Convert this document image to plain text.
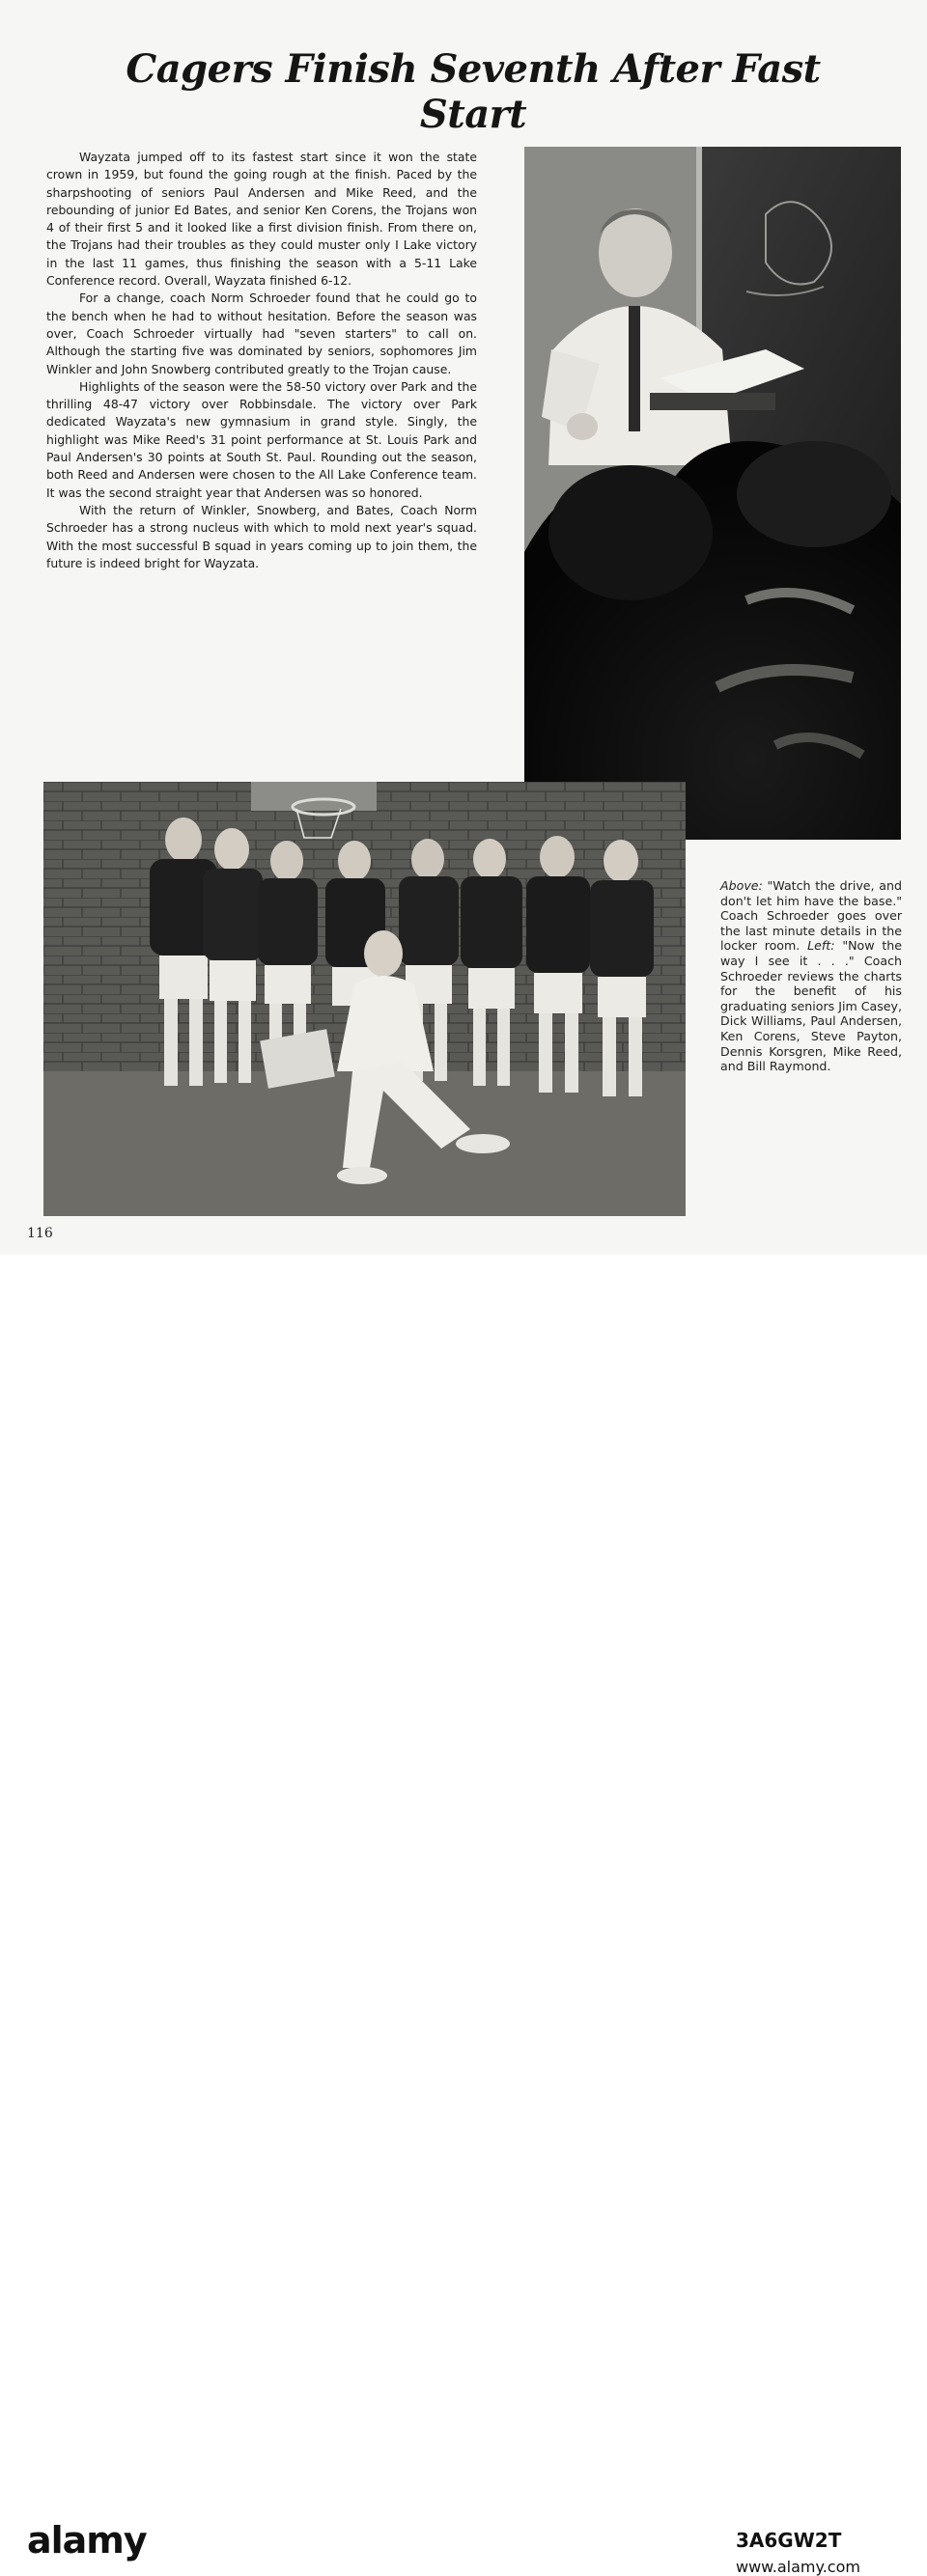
Cagers Finish Seventh After Fast Start

Wayzata jumped off to its fastest start since it won the state crown in 1959, but found the going rough at the finish. Paced by the sharpshooting of seniors Paul Andersen and Mike Reed, and the rebounding of junior Ed Bates, and senior Ken Corens, the Trojans won 4 of their first 5 and it looked like a first division finish. From there on, the Trojans had their troubles as they could muster only I Lake victory in the last 11 games, thus finishing the season with a 5-11 Lake Conference record. Overall, Wayzata finished 6-12.

For a change, coach Norm Schroeder found that he could go to the bench when he had to without hesitation. Before the season was over, Coach Schroeder virtually had "seven starters" to call on. Although the starting five was dominated by seniors, sophomores Jim Winkler and John Snowberg contributed greatly to the Trojan cause.

Highlights of the season were the 58-50 victory over Park and the thrilling 48-47 victory over Robbinsdale. The victory over Park dedicated Wayzata's new gymnasium in grand style. Singly, the highlight was Mike Reed's 31 point performance at St. Louis Park and Paul Andersen's 30 points at South St. Paul. Rounding out the season, both Reed and Andersen were chosen to the All Lake Conference team. It was the second straight year that Andersen was so honored.

With the return of Winkler, Snowberg, and Bates, Coach Norm Schroeder has a strong nucleus with which to mold next year's squad. With the most successful B squad in years coming up to join them, the future is indeed bright for Wayzata.

Above: "Watch the drive, and don't let him have the base." Coach Schroeder goes over the last minute details in the locker room. Left: "Now the way I see it . . ." Coach Schroeder reviews the charts for the benefit of his graduating seniors Jim Casey, Dick Williams, Paul Andersen, Ken Corens, Steve Payton, Dennis Korsgren, Mike Reed, and Bill Raymond.
116
alamy	3A6GW2T
www.alamy.com
